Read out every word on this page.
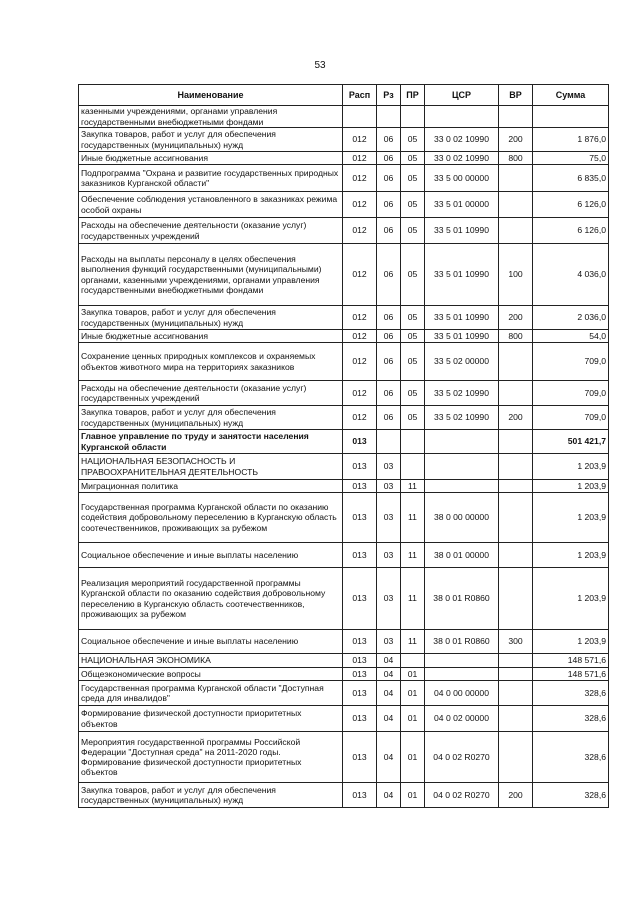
53
Наименование	Расп	Рз	ПР	ЦСР	ВР	Сумма
казенными учреждениями, органами управления государственными внебюджетными фондами						
Закупка товаров, работ и услуг для обеспечения государственных (муниципальных) нужд	012	06	05	33 0 02 10990	200	1 876,0
Иные бюджетные ассигнования	012	06	05	33 0 02 10990	800	75,0
Подпрограмма "Охрана и развитие государственных природных заказников Курганской области"	012	06	05	33 5 00 00000		6 835,0
Обеспечение соблюдения установленного в заказниках режима особой охраны	012	06	05	33 5 01 00000		6 126,0
Расходы на обеспечение деятельности (оказание услуг) государственных учреждений	012	06	05	33 5 01 10990		6 126,0
Расходы на выплаты персоналу в целях обеспечения выполнения функций государственными (муниципальными) органами, казенными учреждениями, органами управления государственными внебюджетными фондами	012	06	05	33 5 01 10990	100	4 036,0
Закупка товаров, работ и услуг для обеспечения государственных (муниципальных) нужд	012	06	05	33 5 01 10990	200	2 036,0
Иные бюджетные ассигнования	012	06	05	33 5 01 10990	800	54,0
Сохранение ценных природных комплексов и охраняемых объектов животного мира на территориях заказников	012	06	05	33 5 02 00000		709,0
Расходы на обеспечение деятельности (оказание услуг) государственных учреждений	012	06	05	33 5 02 10990		709,0
Закупка товаров, работ и услуг для обеспечения государственных (муниципальных) нужд	012	06	05	33 5 02 10990	200	709,0
Главное управление по труду и занятости населения Курганской области	013					501 421,7
НАЦИОНАЛЬНАЯ БЕЗОПАСНОСТЬ И ПРАВООХРАНИТЕЛЬНАЯ ДЕЯТЕЛЬНОСТЬ	013	03				1 203,9
Миграционная политика	013	03	11			1 203,9
Государственная программа Курганской области по оказанию содействия добровольному переселению в Курганскую область соотечественников, проживающих за рубежом	013	03	11	38 0 00 00000		1 203,9
Социальное обеспечение и иные выплаты населению	013	03	11	38 0 01 00000		1 203,9
Реализация мероприятий государственной программы Курганской области по оказанию содействия добровольному переселению в Курганскую область соотечественников, проживающих за рубежом	013	03	11	38 0 01 R0860		1 203,9
Социальное обеспечение и иные выплаты населению	013	03	11	38 0 01 R0860	300	1 203,9
НАЦИОНАЛЬНАЯ ЭКОНОМИКА	013	04				148 571,6
Общеэкономические вопросы	013	04	01			148 571,6
Государственная программа Курганской области "Доступная среда для инвалидов"	013	04	01	04 0 00 00000		328,6
Формирование физической доступности приоритетных объектов	013	04	01	04 0 02 00000		328,6
Мероприятия государственной программы Российской Федерации "Доступная среда" на 2011-2020 годы. Формирование физической доступности приоритетных объектов	013	04	01	04 0 02 R0270		328,6
Закупка товаров, работ и услуг для обеспечения государственных (муниципальных) нужд	013	04	01	04 0 02 R0270	200	328,6
